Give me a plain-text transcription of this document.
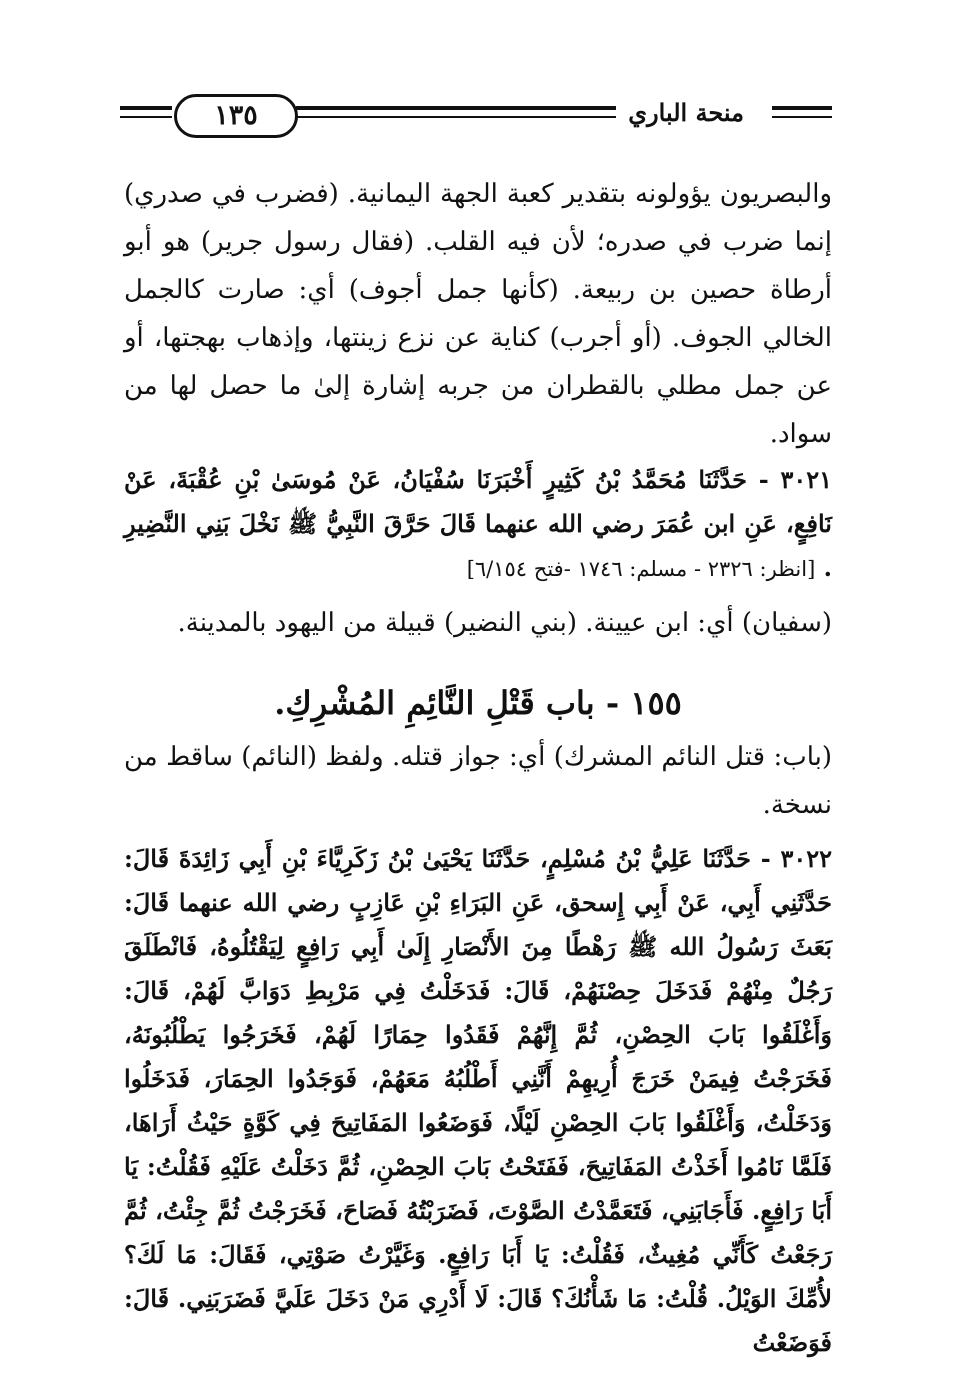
منحة الباري
١٣٥

والبصريون يؤولونه بتقدير كعبة الجهة اليمانية. (فضرب في صدري) إنما ضرب في صدره؛ لأن فيه القلب. (فقال رسول جرير) هو أبو أرطاة حصين بن ربيعة. (كأنها جمل أجوف) أي: صارت كالجمل الخالي الجوف. (أو أجرب) كناية عن نزع زينتها، وإذهاب بهجتها، أو عن جمل مطلي بالقطران من جربه إشارة إلىٰ ما حصل لها من سواد.

٣٠٢١ - حَدَّثَنَا مُحَمَّدُ بْنُ كَثِيرٍ أَخْبَرَنَا سُفْيَانُ، عَنْ مُوسَىٰ بْنِ عُقْبَةَ، عَنْ نَافِعٍ، عَنِ ابن عُمَرَ رضي الله عنهما قَالَ حَرَّقَ النَّبِيُّ ﷺ نَخْلَ بَنِي النَّضِيرِ . [انظر: ٢٣٢٦ - مسلم: ١٧٤٦ -فتح ٦/١٥٤]

(سفيان) أي: ابن عيينة. (بني النضير) قبيلة من اليهود بالمدينة.

١٥٥ - باب قَتْلِ النَّائِمِ المُشْرِكِ.

(باب: قتل النائم المشرك) أي: جواز قتله. ولفظ (النائم) ساقط من نسخة.

٣٠٢٢ - حَدَّثَنَا عَلِيُّ بْنُ مُسْلِمٍ، حَدَّثَنَا يَحْيَىٰ بْنُ زَكَرِيَّاءَ بْنِ أَبِي زَائِدَةَ قَالَ: حَدَّثَنِي أَبِي، عَنْ أَبِي إِسحق، عَنِ البَرَاءِ بْنِ عَازِبٍ رضي الله عنهما قَالَ: بَعَثَ رَسُولُ الله ﷺ رَهْطًا مِنَ الأَنْصَارِ إِلَىٰ أَبِي رَافِعٍ لِيَقْتُلُوهُ، فَانْطَلَقَ رَجُلٌ مِنْهُمْ فَدَخَلَ حِصْنَهُمْ، قَالَ: فَدَخَلْتُ فِي مَرْبِطِ دَوَابَّ لَهُمْ، قَالَ: وَأَغْلَقُوا بَابَ الحِصْنِ، ثُمَّ إِنَّهُمْ فَقَدُوا حِمَارًا لَهُمْ، فَخَرَجُوا يَطْلُبُونَهُ، فَخَرَجْتُ فِيمَنْ خَرَجَ أُرِيهِمْ أَنَّنِي أَطْلُبُهُ مَعَهُمْ، فَوَجَدُوا الحِمَارَ، فَدَخَلُوا وَدَخَلْتُ، وَأَغْلَقُوا بَابَ الحِصْنِ لَيْلًا، فَوَضَعُوا المَفَاتِيحَ فِي كَوَّةٍ حَيْثُ أَرَاهَا، فَلَمَّا نَامُوا أَخَذْتُ المَفَاتِيحَ، فَفَتَحْتُ بَابَ الحِصْنِ، ثُمَّ دَخَلْتُ عَلَيْهِ فَقُلْتُ: يَا أَبَا رَافِعٍ. فَأَجَابَنِي، فَتَعَمَّدْتُ الصَّوْتَ، فَضَرَبْتُهُ فَصَاحَ، فَخَرَجْتُ ثُمَّ جِئْتُ، ثُمَّ رَجَعْتُ كَأَنِّي مُغِيثٌ، فَقُلْتُ: يَا أَبَا رَافِعٍ. وَغَيَّرْتُ صَوْتِي، فَقَالَ: مَا لَكَ؟ لأُمِّكَ الوَيْلُ. قُلْتُ: مَا شَأْنُكَ؟ قَالَ: لَا أَدْرِي مَنْ دَخَلَ عَلَيَّ فَضَرَبَنِي. قَالَ: فَوَضَعْتُ
